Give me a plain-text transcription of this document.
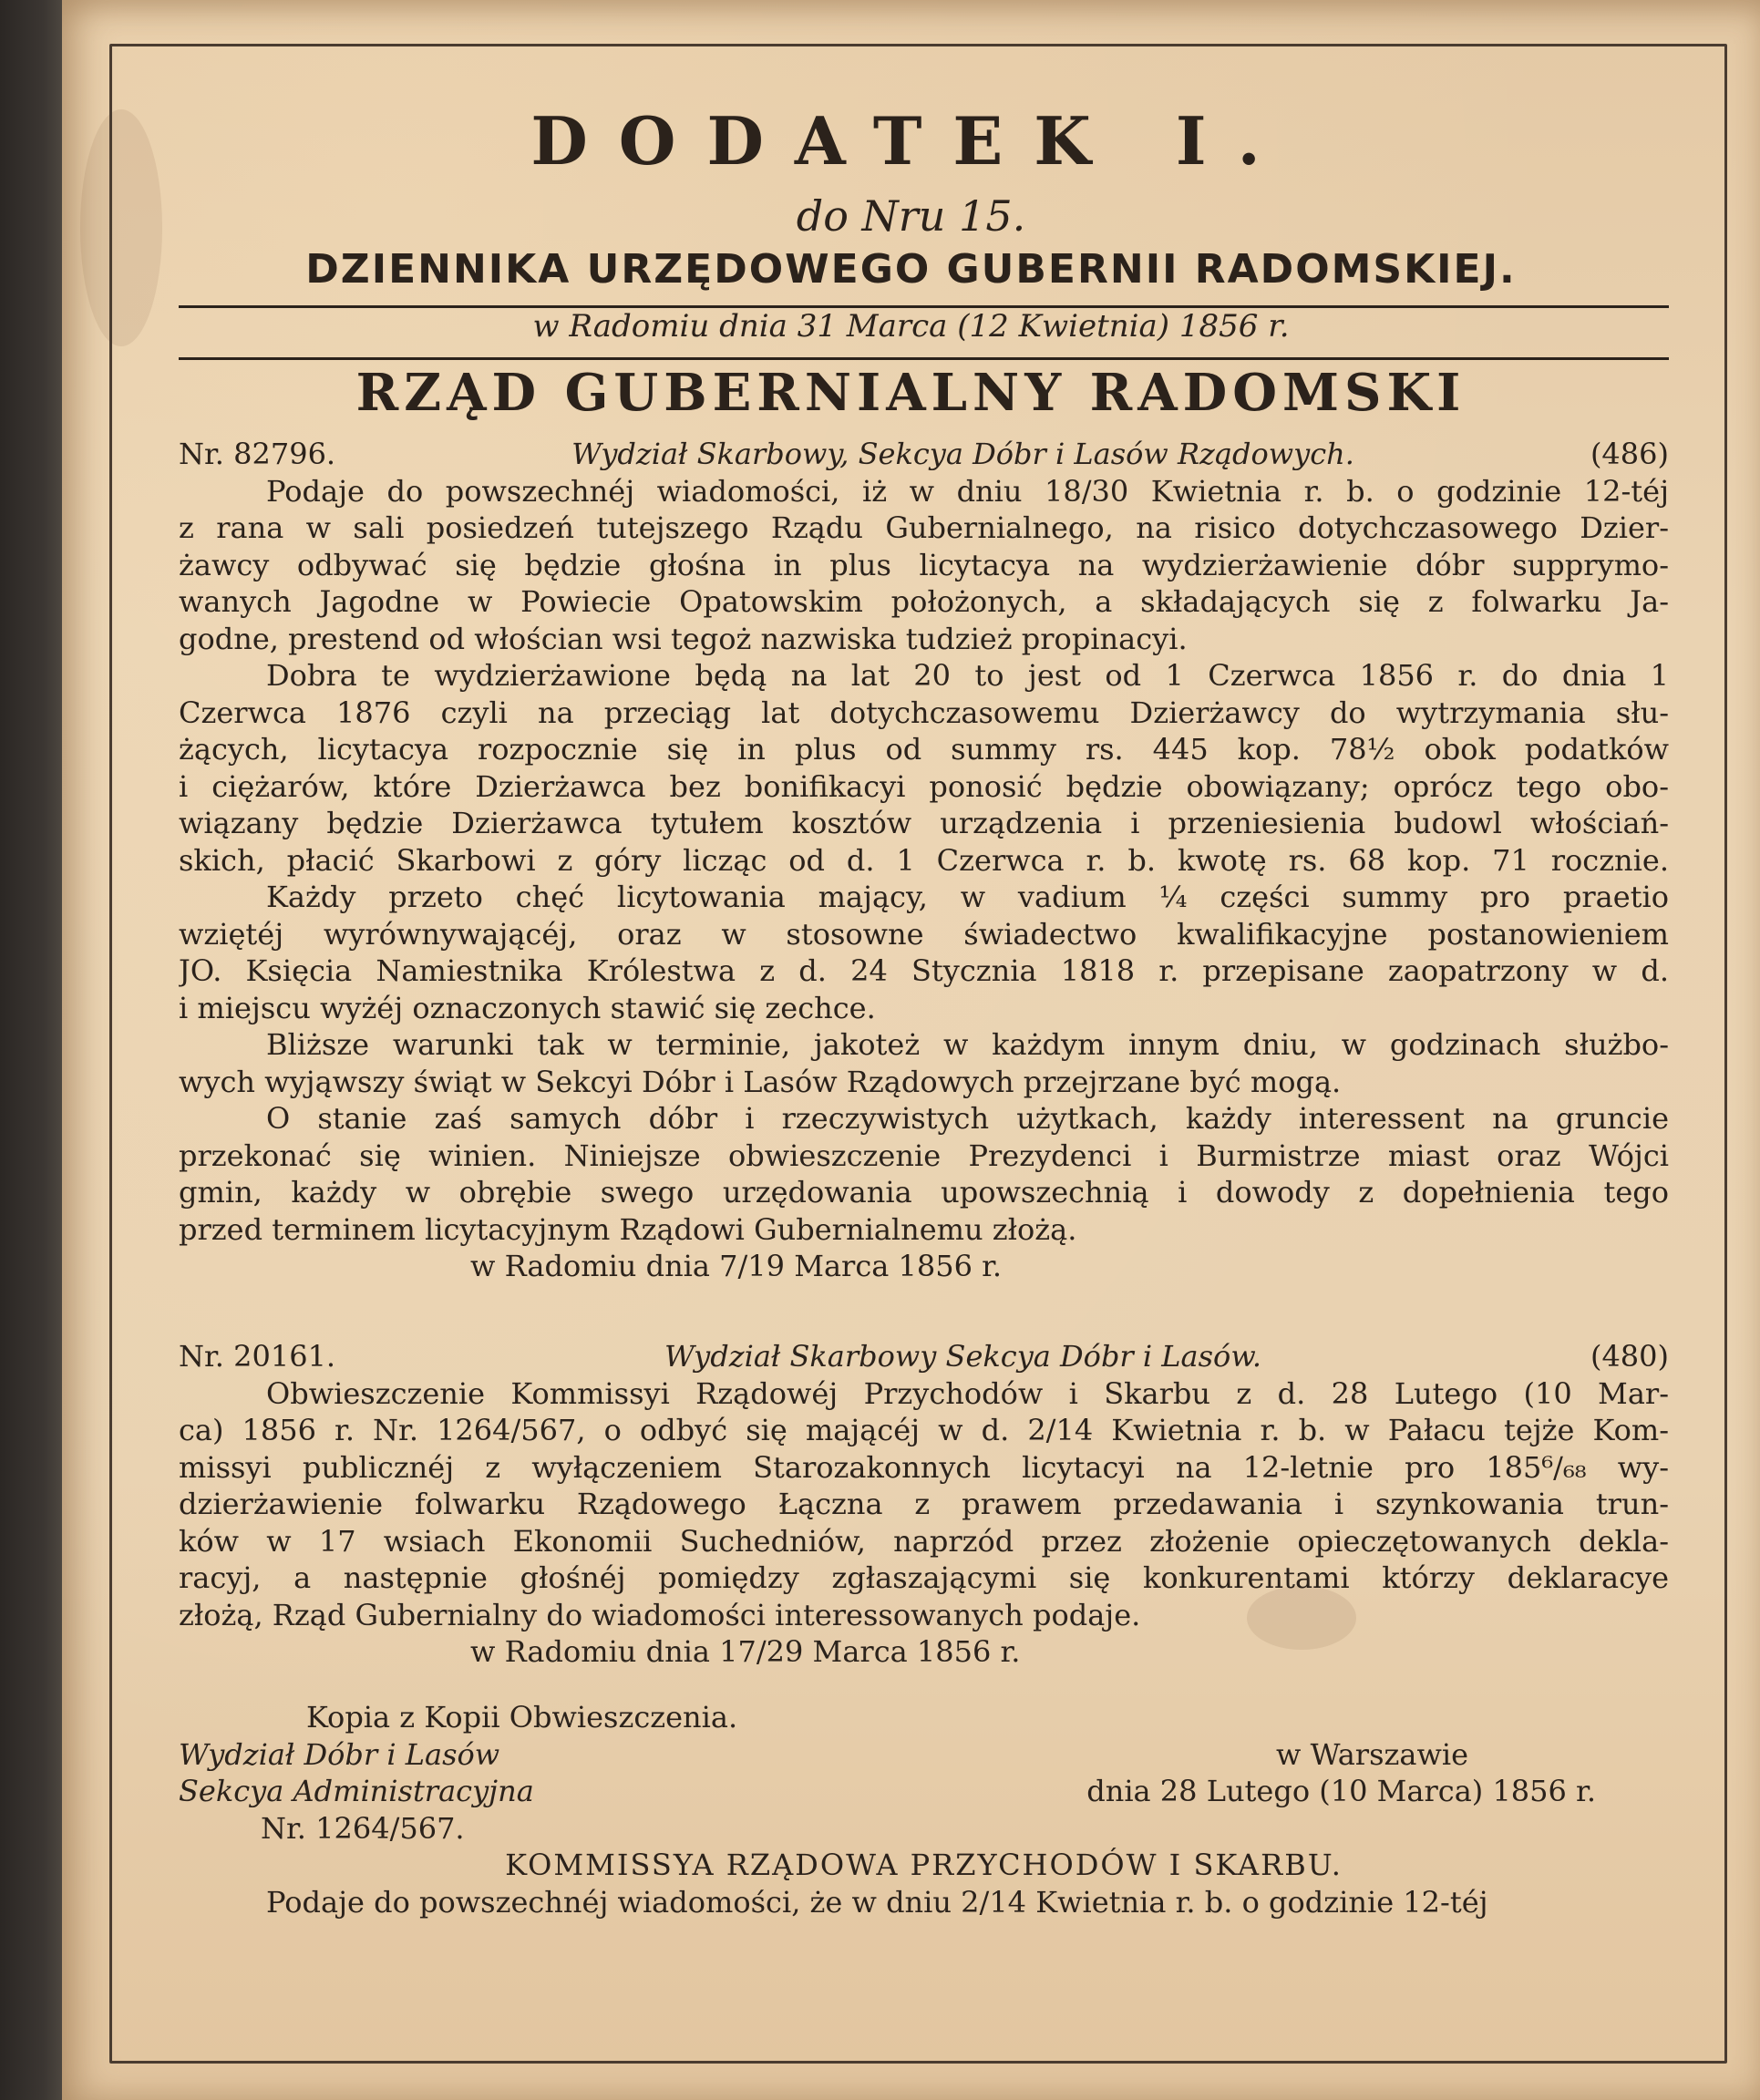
DODATEK I.
do Nru 15.
DZIENNIKA URZĘDOWEGO GUBERNII RADOMSKIEJ.
w Radomiu dnia 31 Marca (12 Kwietnia) 1856 r.
RZĄD GUBERNIALNY RADOMSKI
Nr. 82796.	Wydział Skarbowy, Sekcya Dóbr i Lasów Rządowych.	(486)
Podaje do powszechnéj wiadomości, iż w dniu 18/30 Kwietnia r. b. o godzinie 12-téj
z rana w sali posiedzeń tutejszego Rządu Gubernialnego, na risico dotychczasowego Dzier-
żawcy odbywać się będzie głośna in plus licytacya na wydzierżawienie dóbr supprymo-
wanych Jagodne w Powiecie Opatowskim położonych, a składających się z folwarku Ja-
godne, prestend od włościan wsi tegoż nazwiska tudzież propinacyi.
Dobra te wydzierżawione będą na lat 20 to jest od 1 Czerwca 1856 r. do dnia 1
Czerwca 1876 czyli na przeciąg lat dotychczasowemu Dzierżawcy do wytrzymania słu-
żących, licytacya rozpocznie się in plus od summy rs. 445 kop. 78½ obok podatków
i ciężarów, które Dzierżawca bez bonifikacyi ponosić będzie obowiązany; oprócz tego obo-
wiązany będzie Dzierżawca tytułem kosztów urządzenia i przeniesienia budowl włościań-
skich, płacić Skarbowi z góry licząc od d. 1 Czerwca r. b. kwotę rs. 68 kop. 71 rocznie.
Każdy przeto chęć licytowania mający, w vadium ¼ części summy pro praetio
wziętéj wyrównywającéj, oraz w stosowne świadectwo kwalifikacyjne postanowieniem
JO. Księcia Namiestnika Królestwa z d. 24 Stycznia 1818 r. przepisane zaopatrzony w d.
i miejscu wyżéj oznaczonych stawić się zechce.
Bliższe warunki tak w terminie, jakoteż w każdym innym dniu, w godzinach służbo-
wych wyjąwszy świąt w Sekcyi Dóbr i Lasów Rządowych przejrzane być mogą.
O stanie zaś samych dóbr i rzeczywistych użytkach, każdy interessent na gruncie
przekonać się winien. Niniejsze obwieszczenie Prezydenci i Burmistrze miast oraz Wójci
gmin, każdy w obrębie swego urzędowania upowszechnią i dowody z dopełnienia tego
przed terminem licytacyjnym Rządowi Gubernialnemu złożą.
w Radomiu dnia 7/19 Marca 1856 r.
Nr. 20161.	Wydział Skarbowy Sekcya Dóbr i Lasów.	(480)
Obwieszczenie Kommissyi Rządowéj Przychodów i Skarbu z d. 28 Lutego (10 Mar-
ca) 1856 r. Nr. 1264/567, o odbyć się mającéj w d. 2/14 Kwietnia r. b. w Pałacu tejże Kom-
missyi publicznéj z wyłączeniem Starozakonnych licytacyi na 12-letnie pro 185⁶/₆₈ wy-
dzierżawienie folwarku Rządowego Łączna z prawem przedawania i szynkowania trun-
ków w 17 wsiach Ekonomii Suchedniów, naprzód przez złożenie opieczętowanych dekla-
racyj, a następnie głośnéj pomiędzy zgłaszającymi się konkurentami którzy deklaracye
złożą, Rząd Gubernialny do wiadomości interessowanych podaje.
w Radomiu dnia 17/29 Marca 1856 r.
Kopia z Kopii Obwieszczenia.
Wydział Dóbr i Lasów	w Warszawie
Sekcya Administracyjna	dnia 28 Lutego (10 Marca) 1856 r.
Nr. 1264/567.
KOMMISSYA RZĄDOWA PRZYCHODÓW I SKARBU.
Podaje do powszechnéj wiadomości, że w dniu 2/14 Kwietnia r. b. o godzinie 12-téj
